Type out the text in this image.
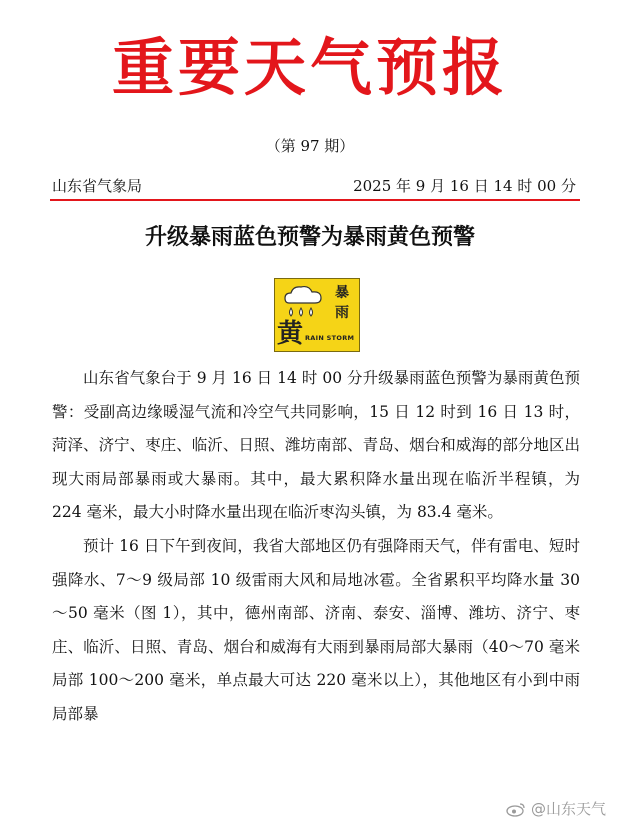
重要天气预报
（第 97 期）
山东省气象局	2025 年 9 月 16 日 14 时 00 分
升级暴雨蓝色预警为暴雨黄色预警
黄
暴
雨
RAIN STORM

山东省气象台于 9 月 16 日 14 时 00 分升级暴雨蓝色预警为暴雨黄色预警：受副高边缘暖湿气流和冷空气共同影响，15 日 12 时到 16 日 13 时，菏泽、济宁、枣庄、临沂、日照、潍坊南部、青岛、烟台和威海的部分地区出现大雨局部暴雨或大暴雨。其中，最大累积降水量出现在临沂半程镇，为 224 毫米，最大小时降水量出现在临沂枣沟头镇，为 83.4 毫米。

预计 16 日下午到夜间，我省大部地区仍有强降雨天气，伴有雷电、短时强降水、7～9 级局部 10 级雷雨大风和局地冰雹。全省累积平均降水量 30～50 毫米（图 1），其中，德州南部、济南、泰安、淄博、潍坊、济宁、枣庄、临沂、日照、青岛、烟台和威海有大雨到暴雨局部大暴雨（40～70 毫米局部 100～200 毫米，单点最大可达 220 毫米以上），其他地区有小到中雨局部暴

@山东天气
